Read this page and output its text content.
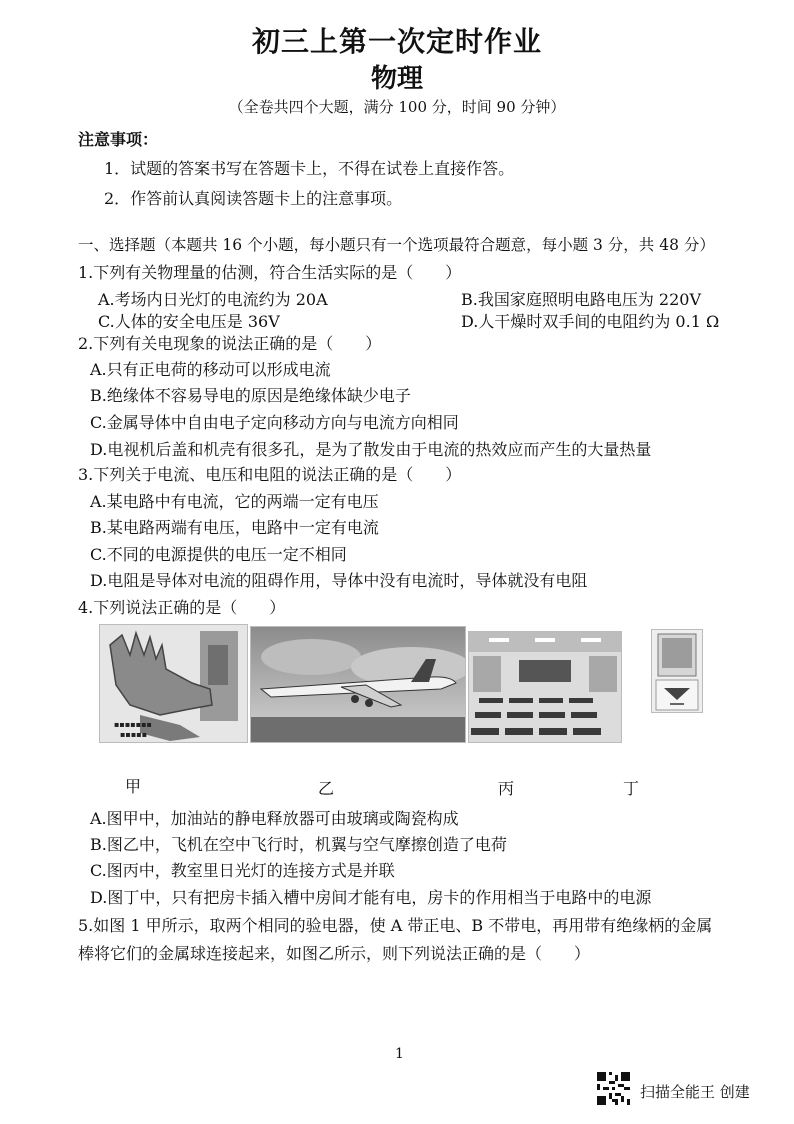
初三上第一次定时作业
物理
（全卷共四个大题，满分 100 分，时间 90 分钟）
注意事项：
1．试题的答案书写在答题卡上，不得在试卷上直接作答。
2．作答前认真阅读答题卡上的注意事项。
一、选择题（本题共 16 个小题，每小题只有一个选项最符合题意，每小题 3 分，共 48 分）
1.下列有关物理量的估测，符合生活实际的是（　　）
A.考场内日光灯的电流约为 20A	B.我国家庭照明电路电压为 220V
C.人体的安全电压是 36V	D.人干燥时双手间的电阻约为 0.1 Ω
2.下列有关电现象的说法正确的是（　　）
A.只有正电荷的移动可以形成电流
B.绝缘体不容易导电的原因是绝缘体缺少电子
C.金属导体中自由电子定向移动方向与电流方向相同
D.电视机后盖和机壳有很多孔，是为了散发由于电流的热效应而产生的大量热量
3.下列关于电流、电压和电阻的说法正确的是（　　）
A.某电路中有电流，它的两端一定有电压
B.某电路两端有电压，电路中一定有电流
C.不同的电源提供的电压一定不相同
D.电阻是导体对电流的阻碍作用，导体中没有电流时，导体就没有电阻
4.下列说法正确的是（　　）
▪▪▪▪▪▪▪
▪▪▪▪▪
甲	乙	丙	丁
A.图甲中，加油站的静电释放器可由玻璃或陶瓷构成
B.图乙中，飞机在空中飞行时，机翼与空气摩擦创造了电荷
C.图丙中，教室里日光灯的连接方式是并联
D.图丁中，只有把房卡插入槽中房间才能有电，房卡的作用相当于电路中的电源
5.如图 1 甲所示，取两个相同的验电器，使 A 带正电、B 不带电，再用带有绝缘柄的金属
棒将它们的金属球连接起来，如图乙所示，则下列说法正确的是（　　）
1
扫描全能王 创建
